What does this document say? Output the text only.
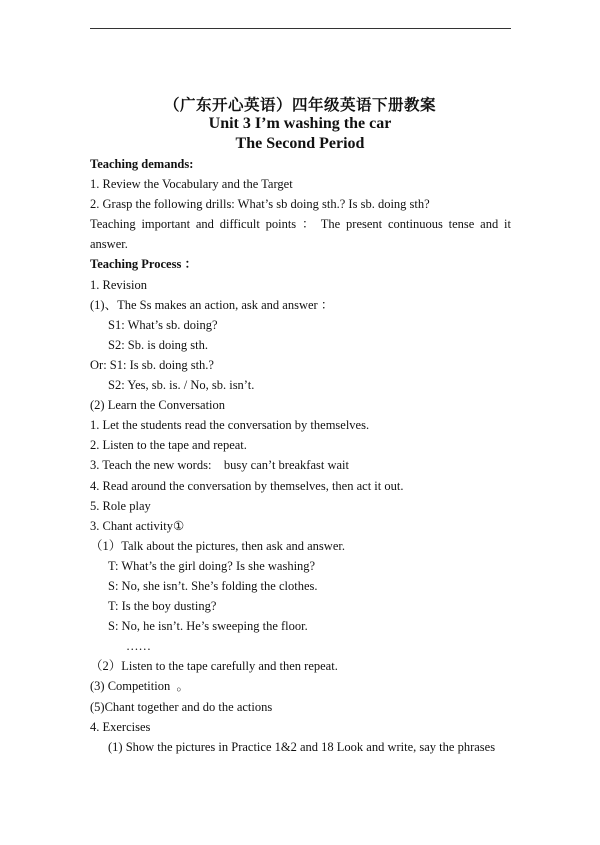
（广东开心英语）四年级英语下册教案
Unit 3 I’m washing the car
The Second Period
Teaching demands:
1. Review the Vocabulary and the Target
2. Grasp the following drills: What’s sb doing sth.? Is sb. doing sth?
Teaching important and difficult points ： The present continuous tense and it
answer.
Teaching Process ：
1. Revision
(1)、The Ss makes an action, ask and answer ：
S1: What’s sb. doing?
S2: Sb. is doing sth.
Or: S1: Is sb. doing sth.?
S2: Yes, sb. is. / No, sb. isn’t.
(2) Learn the Conversation
1. Let the students read the conversation by themselves.
2. Listen to the tape and repeat.
3. Teach the new words:    busy can’t breakfast wait
4. Read around the conversation by themselves, then act it out.
5. Role play
3. Chant activity①
（1）Talk about the pictures, then ask and answer.
T: What’s the girl doing? Is she washing?
S: No, she isn’t. She’s folding the clothes.
T: Is the boy dusting?
S: No, he isn’t. He’s sweeping the floor.
……
（2）Listen to the tape carefully and then repeat.
(3) Competition  。
(5)Chant together and do the actions
4. Exercises
(1) Show the pictures in Practice 1&2 and 18 Look and write, say the phrases
